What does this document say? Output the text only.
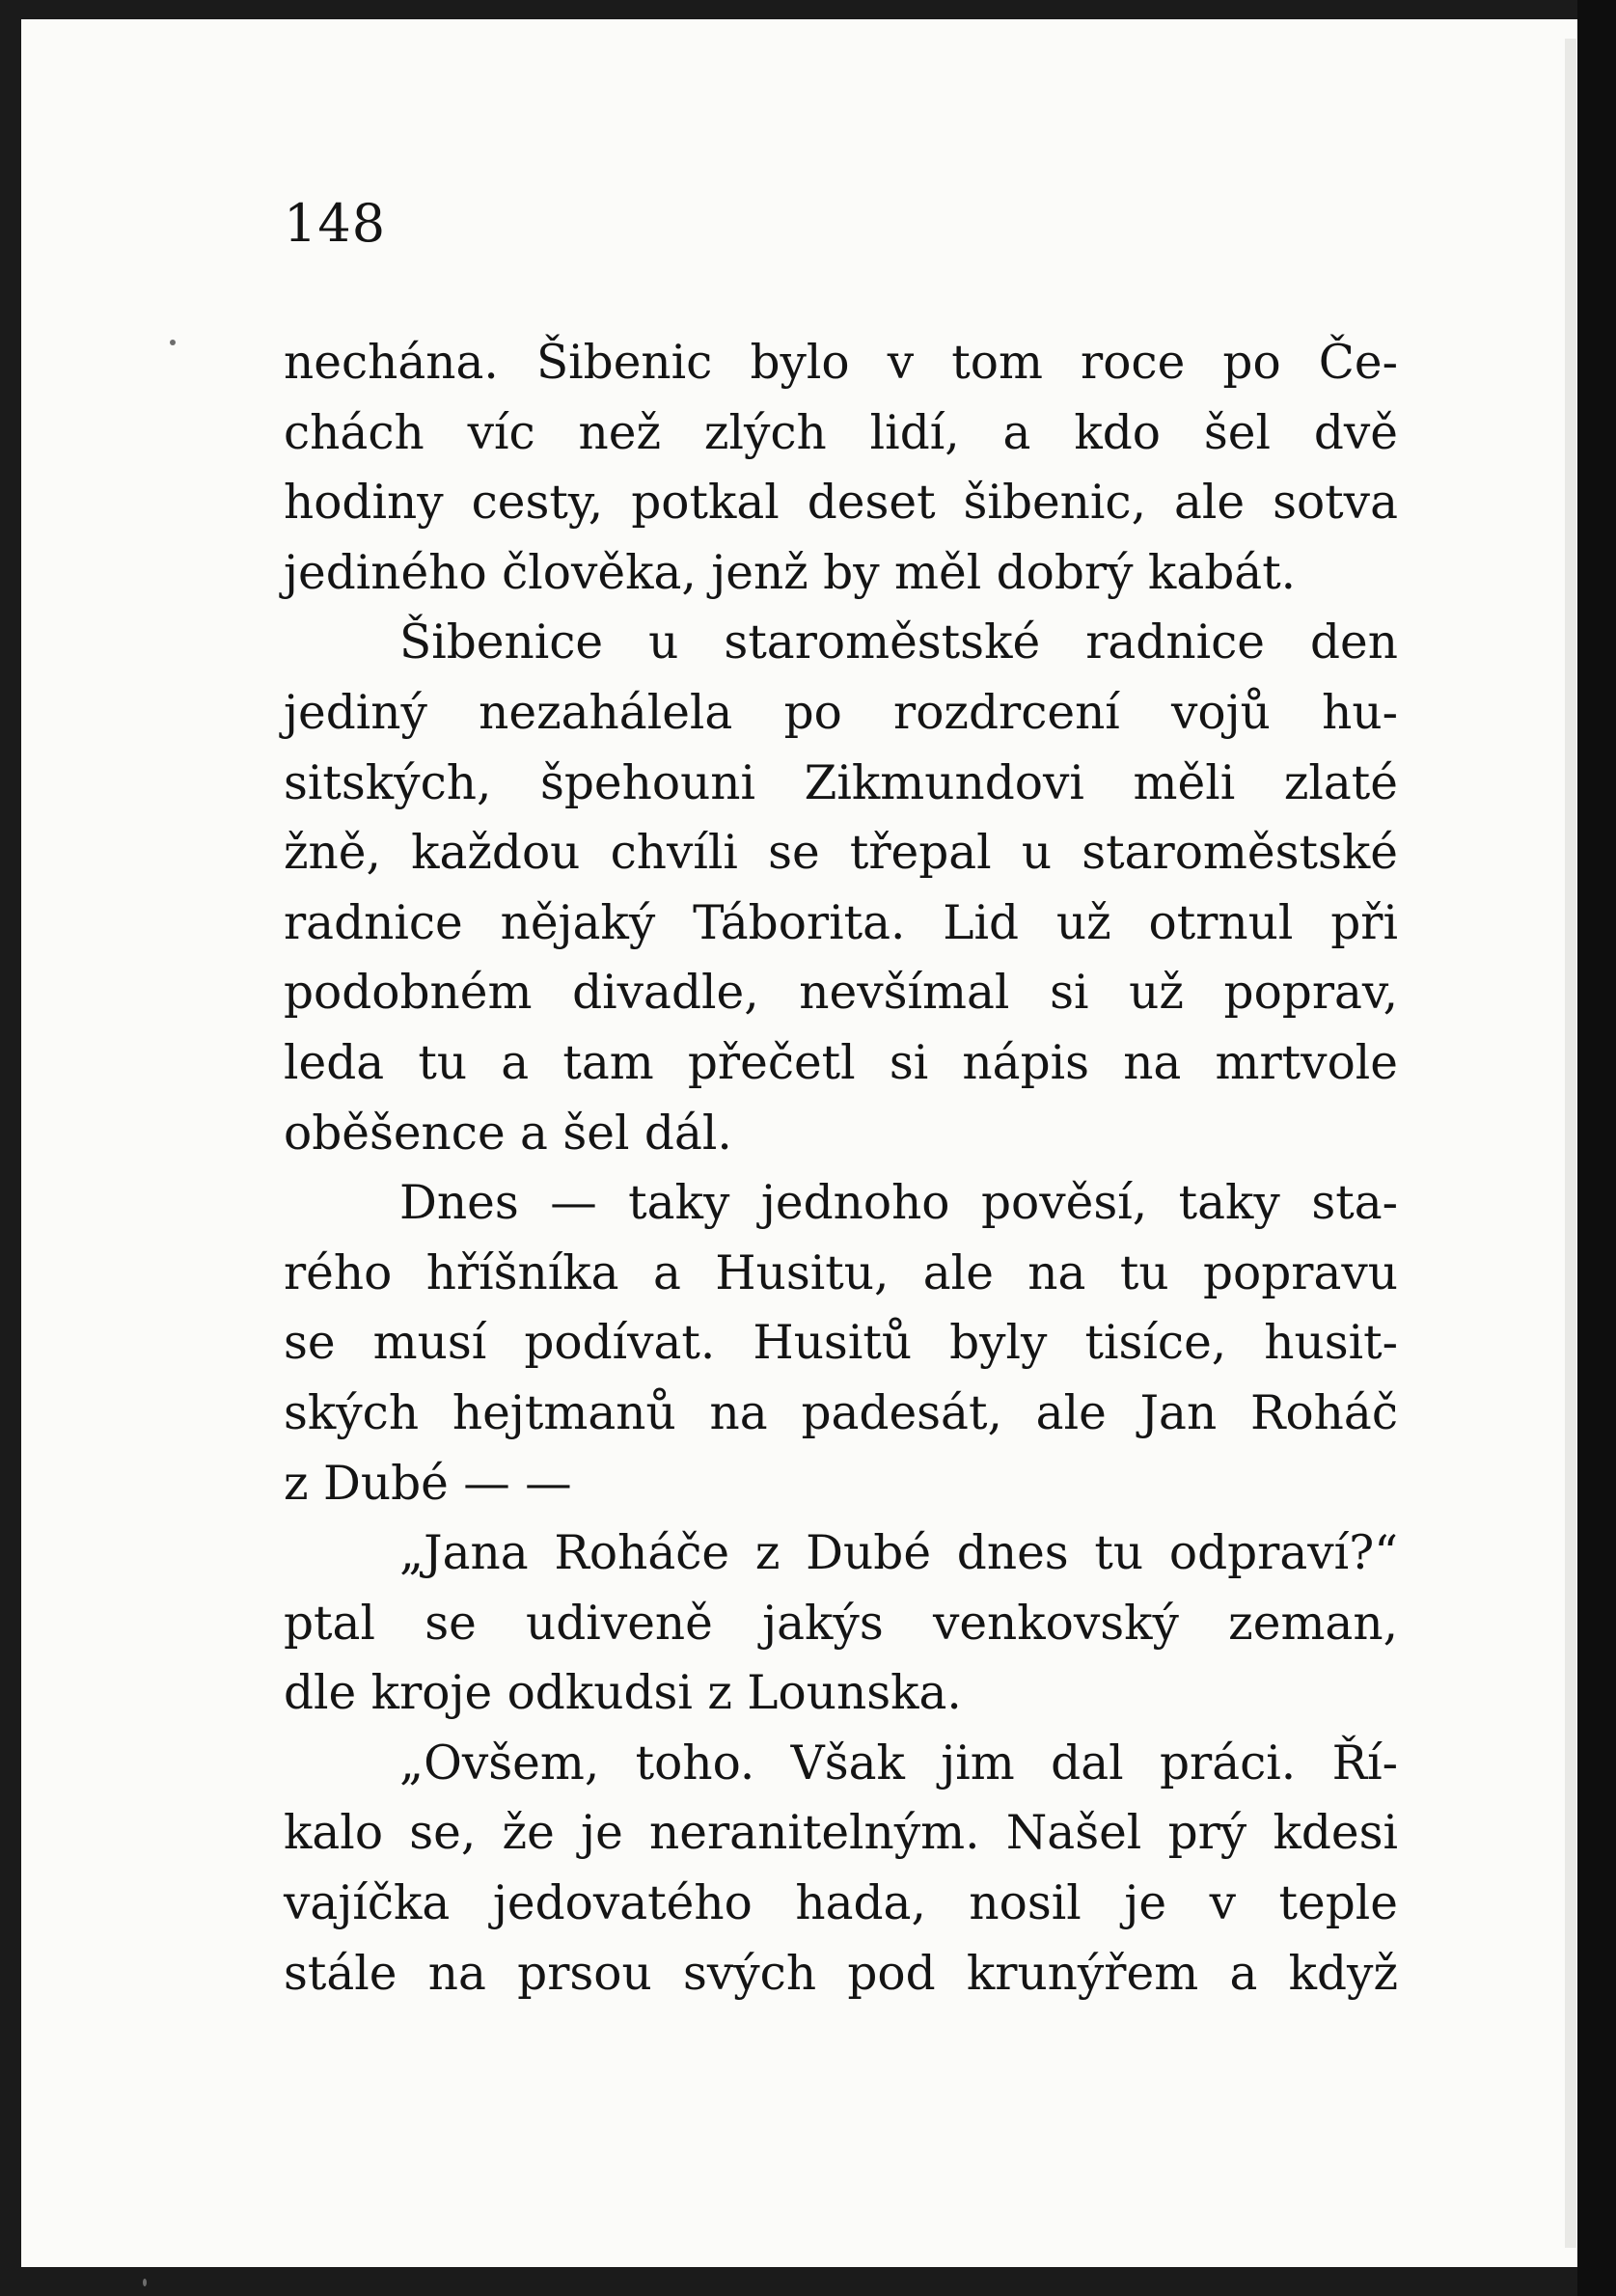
148
nechána. Šibenic bylo v tom roce po Če-
chách víc než zlých lidí, a kdo šel dvě
hodiny cesty, potkal deset šibenic, ale sotva
jediného člověka, jenž by měl dobrý kabát.
Šibenice u staroměstské radnice den
jediný nezahálela po rozdrcení vojů hu-
sitských, špehouni Zikmundovi měli zlaté
žně, každou chvíli se třepal u staroměstské
radnice nějaký Táborita. Lid už otrnul při
podobném divadle, nevšímal si už poprav,
leda tu a tam přečetl si nápis na mrtvole
oběšence a šel dál.
Dnes — taky jednoho pověsí, taky sta-
rého hříšníka a Husitu, ale na tu popravu
se musí podívat. Husitů byly tisíce, husit-
ských hejtmanů na padesát, ale Jan Roháč
z Dubé — —
„Jana Roháče z Dubé dnes tu odpraví?“
ptal se udiveně jakýs venkovský zeman,
dle kroje odkudsi z Lounska.
„Ovšem, toho. Však jim dal práci. Ří-
kalo se, že je neranitelným. Našel prý kdesi
vajíčka jedovatého hada, nosil je v teple
stále na prsou svých pod krunýřem a když
